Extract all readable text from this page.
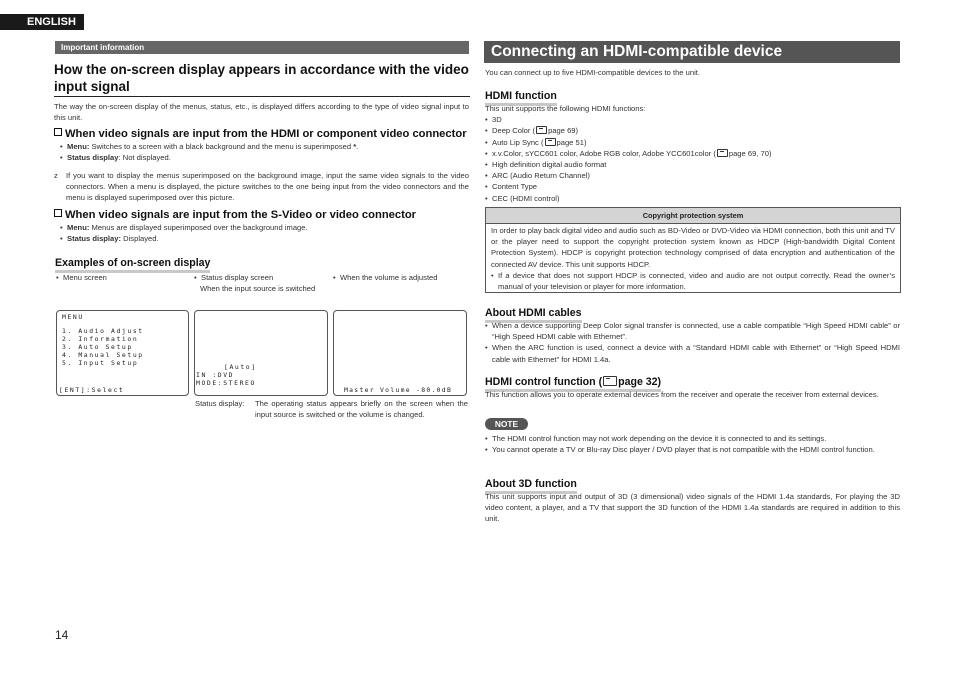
ENGLISH
Important information
How the on-screen display appears in accordance with the video input signal
The way the on-screen display of the menus, status, etc., is displayed differs according to the type of video signal input to this unit.
When video signals are input from the HDMI or component video connector
• Menu: Switches to a screen with a black background and the menu is superimposed *.
• Status display: Not displayed.
z	If you want to display the menus superimposed on the background image, input the same video signals to the video connectors. When a menu is displayed, the picture switches to the one being input from the video connectors and the menu is displayed superimposed over this picture.
When video signals are input from the S-Video or video connector
• Menu: Menus are displayed superimposed over the background image.
• Status display: Displayed.
Examples of on-screen display
• Menu screen
•	Status display screen
When the input source is switched
• When the volume is adjusted
MENU
1. Audio Adjust
2. Information
3. Auto Setup
4. Manual Setup
5. Input Setup
[ENT]:Select
[Auto]
IN :DVD
MODE:STEREO
Master Volume -80.0dB
Status display:	The operating status appears briefly on the screen when the input source is switched or the volume is changed.
Connecting an HDMI-compatible device
You can connect up to five HDMI-compatible devices to the unit.
HDMI function
This unit supports the following HDMI functions:
• 3D
• Deep Color ( page 69)
• Auto Lip Sync ( page 51)
• x.v.Color, sYCC601 color, Adobe RGB color, Adobe YCC601color ( page 69, 70)
• High definition digital audio format
• ARC (Audio Return Channel)
• Content Type
• CEC (HDMI control)
Copyright protection system
In order to play back digital video and audio such as BD-Video or DVD-Video via HDMI connection, both this unit and TV or the player need to support the copyright protection system known as HDCP (High-bandwidth Digital Content Protection System). HDCP is copyright protection technology comprised of data encryption and authentication of the connected AV device. This unit supports HDCP.
• If a device that does not support HDCP is connected, video and audio are not output correctly. Read the owner’s manual of your television or player for more information.
About HDMI cables
• When a device supporting Deep Color signal transfer is connected, use a cable compatible “High Speed HDMI cable” or “High Speed HDMI cable with Ethernet”.
• When the ARC function is used, connect a device with a “Standard HDMI cable with Ethernet” or “High Speed HDMI cable with Ethernet” for HDMI 1.4a.
HDMI control function ( page 32)
This function allows you to operate external devices from the receiver and operate the receiver from external devices.
NOTE
• The HDMI control function may not work depending on the device it is connected to and its settings.
• You cannot operate a TV or Blu-ray Disc player / DVD player that is not compatible with the HDMI control function.
About 3D function
This unit supports input and output of 3D (3 dimensional) video signals of the HDMI 1.4a standards, For playing the 3D video content, a player, and a TV that support the 3D function of the HDMI 1.4a standards are required in addition to this unit.
14
